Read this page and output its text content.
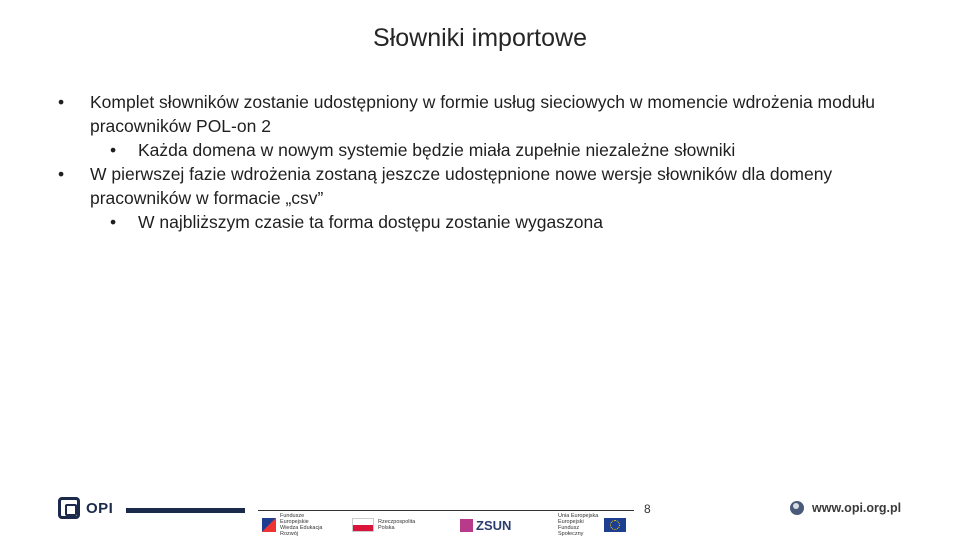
Słowniki importowe
• Komplet słowników zostanie udostępniony w formie usług sieciowych w momencie wdrożenia modułu pracowników POL-on 2
• Każda domena w nowym systemie będzie miała zupełnie niezależne słowniki
• W pierwszej fazie wdrożenia zostaną jeszcze udostępnione nowe wersje słowników dla domeny pracowników w formacie „csv”
• W najbliższym czasie ta forma dostępu zostanie wygaszona
OPI	8
Fundusze Europejskie Wiedza Edukacja Rozwój
Rzeczpospolita Polska	ZSUN
Unia Europejska Europejski Fundusz Społeczny
www.opi.org.pl
